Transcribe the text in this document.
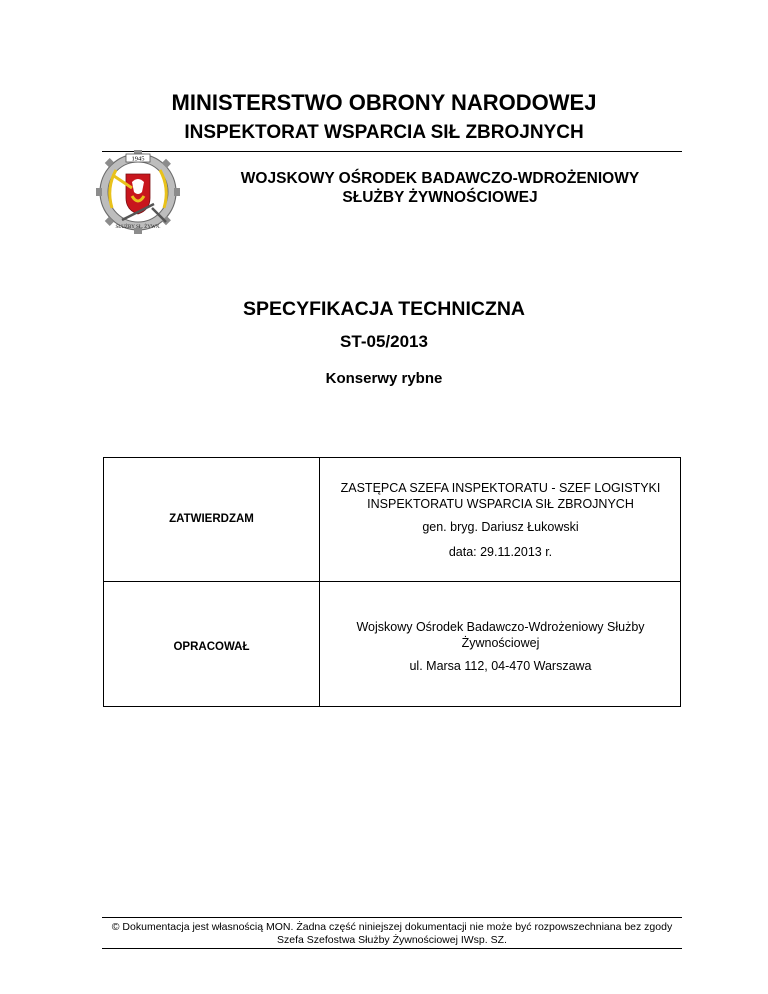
MINISTERSTWO OBRONY NARODOWEJ
INSPEKTORAT WSPARCIA SIŁ ZBROJNYCH
1945
SŁUŻBY SŁ. ŻYWN.
WOJSKOWY OŚRODEK BADAWCZO-WDROŻENIOWY
SŁUŻBY ŻYWNOŚCIOWEJ
SPECYFIKACJA TECHNICZNA
ST-05/2013
Konserwy rybne
ZATWIERDZAM
ZASTĘPCA SZEFA INSPEKTORATU - SZEF LOGISTYKI INSPEKTORATU WSPARCIA SIŁ ZBROJNYCH
gen. bryg. Dariusz Łukowski
data: 29.11.2013 r.
OPRACOWAŁ
Wojskowy Ośrodek Badawczo-Wdrożeniowy Służby Żywnościowej
ul. Marsa 112, 04-470 Warszawa
© Dokumentacja jest własnością MON. Żadna część niniejszej dokumentacji nie może być rozpowszechniana bez zgody Szefa Szefostwa Służby Żywnościowej IWsp. SZ.
